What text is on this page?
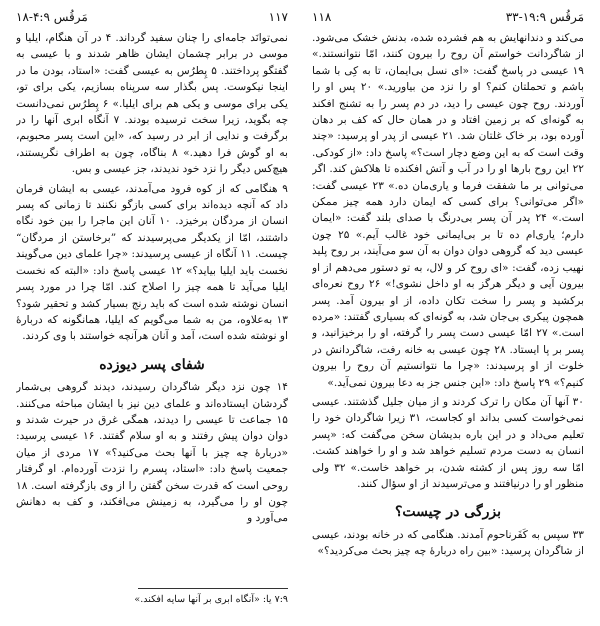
۱۱۷
مَرقُس ۴:۹-۱۸	مَرقُس ۱۹:۹-۳۳
۱۱۸

نمی‌توانَد جامه‌ای را چنان سفید گرداند. ۴ در آن هنگام، ایلیا و موسی در برابر چشمان ایشان ظاهر شدند و با عیسی به گفتگو پرداختند. ۵ پِطرُس به عیسی گفت: «استاد، بودن ما در اینجا نیکوست. پس بگذار سه سرپناه بسازیم، یکی برای تو، یکی برای موسی و یکی هم برای ایلیا.» ۶ پِطرُس نمی‌دانست چه بگوید، زیرا سخت ترسیده بودند. ۷ آنگاه ابری آنها را در برگرفت و ندایی از ابر در رسید که، «این است پسر محبوبم، به او گوش فرا دهید.» ۸ بناگاه، چون به اطراف نگریستند، هیچ‌کس دیگر را نزد خود ندیدند، جز عیسی و بس.

۹ هنگامی که از کوه فرود می‌آمدند، عیسی به ایشان فرمان داد که آنچه دیده‌اند برای کسی بازگو نکنند تا زمانی که پسر انسان از مردگان برخیزد. ۱۰ آنان این ماجرا را بین خود نگاه داشتند، امّا از یکدیگر می‌پرسیدند که ”برخاستن از مردگان“ چیست. ۱۱ آنگاه از عیسی پرسیدند: «چرا علمای دین می‌گویند نخست باید ایلیا بیاید؟» ۱۲ عیسی پاسخ داد: «البته که نخست ایلیا می‌آید تا همه چیز را اصلاح کند. امّا چرا در مورد پسر انسان نوشته شده است که باید رنج بسیار کشد و تحقیر شود؟ ۱۳ به‌علاوه، من به شما می‌گویم که ایلیا، همانگونه که دربارهٔ او نوشته شده است، آمد و آنان هرآنچه خواستند با وی کردند.

شفای پسر دیوزده

۱۴ چون نزد دیگر شاگردان رسیدند، دیدند گروهی بی‌شمار گردشان ایستاده‌اند و علمای دین نیز با ایشان مباحثه می‌کنند. ۱۵ جماعت تا عیسی را دیدند، همگی غرق در حیرت شدند و دوان دوان پیش رفتند و به او سلام گفتند. ۱۶ عیسی پرسید: «دربارهٔ چه چیز با آنها بحث می‌کنید؟» ۱۷ مردی از میان جمعیت پاسخ داد: «استاد، پسرم را نزدت آورده‌ام. او گرفتار روحی است که قدرت سخن گفتن را از وی بازگرفته است. ۱۸ چون او را می‌گیرد، به زمینش می‌افکند، و کف به دهانش می‌آورد و

می‌کند و دندانهایش به هم فشرده شده، بدنش خشک می‌شود. از شاگردانت خواستم آن روح را بیرون کنند، امّا نتوانستند.» ۱۹ عیسی در پاسخ گفت: «ای نسل بی‌ایمان، تا به کِی با شما باشم و تحملتان کنم؟ او را نزد من بیاورید.» ۲۰ پس او را آوردند. روح چون عیسی را دید، در دم پسر را به تشنج افکند به گونه‌ای که بر زمین افتاد و در همان حال که کف بر دهان آورده بود، بر خاک غلتان شد. ۲۱ عیسی از پدر او پرسید: «چند وقت است که به این وضع دچار است؟» پاسخ داد: «از کودکی. ۲۲ این روح بارها او را در آب و آتش افکنده تا هلاکش کند. اگر می‌توانی بر ما شفقت فرما و یاری‌مان ده.» ۲۳ عیسی گفت: «اگر می‌توانی؟ برای کسی که ایمان دارد همه چیز ممکن است.» ۲۴ پدر آن پسر بی‌درنگ با صدای بلند گفت: «ایمان دارم؛ یاری‌ام ده تا بر بی‌ایمانی خود غالب آیم.» ۲۵ چون عیسی دید که گروهی دوان دوان به آن سو می‌آیند، بر روح پلید نهیب زده، گفت: «ای روح کر و لال، به تو دستور می‌دهم از او بیرون آیی و دیگر هرگز به او داخل نشوی!» ۲۶ روح نعره‌ای برکشید و پسر را سخت تکان داده، از او بیرون آمد. پسر همچون پیکری بی‌جان شد، به گونه‌ای که بسیاری گفتند: «مرده است.» ۲۷ امّا عیسی دست پسر را گرفته، او را برخیزانید، و پسر بر پا ایستاد. ۲۸ چون عیسی به خانه رفت، شاگردانش در خلوت از او پرسیدند: «چرا ما نتوانستیم آن روح را بیرون کنیم؟» ۲۹ پاسخ داد: «این جنس جز به دعا بیرون نمی‌آید.»

۳۰ آنها آن مکان را ترک کردند و از میان جلیل گذشتند. عیسی نمی‌خواست کسی بداند او کجاست، ۳۱ زیرا شاگردان خود را تعلیم می‌داد و در این باره بدیشان سخن می‌گفت که: «پسر انسان به دست مردم تسلیم خواهد شد و او را خواهند کشت. امّا سه روز پس از کشته شدن، بر خواهد خاست.» ۳۲ ولی منظور او را درنیافتند و می‌ترسیدند از او سؤال کنند.

بزرگی در چیست؟

۳۳ سپس به کَفَرناحوم آمدند. هنگامی که در خانه بودند، عیسی از شاگردان پرسید: «بین راه دربارهٔ چه چیز بحث می‌کردید؟»

۷:۹ یا: «آنگاه ابری بر آنها سایه افکند.»
